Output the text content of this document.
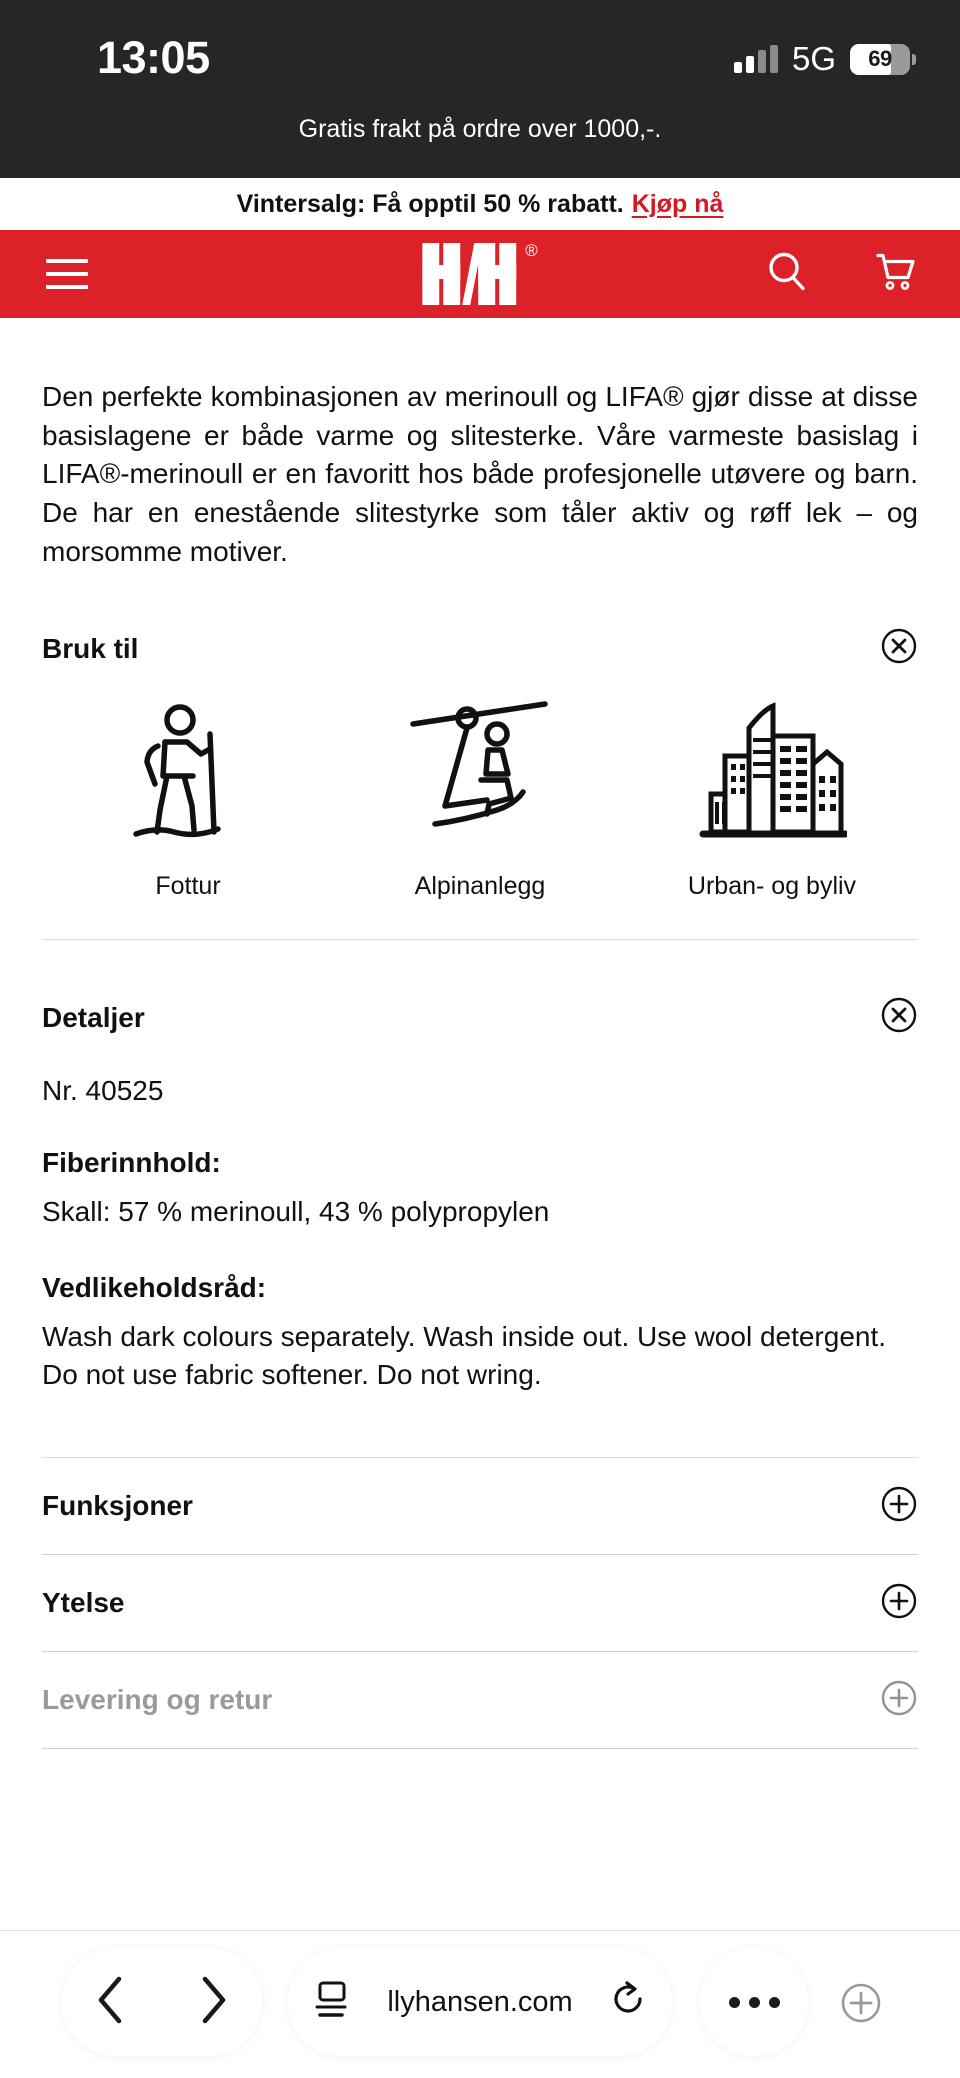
13:05	5G	69
Gratis frakt på ordre over 1000,-.
Vintersalg: Få opptil 50 % rabatt. Kjøp nå
®

Den perfekte kombinasjonen av merinoull og LIFA® gjør disse at disse basislagene er både varme og slitesterke. Våre varmeste basislag i LIFA®-merinoull er en favoritt hos både profesjonelle utøvere og barn. De har en enestående slitestyrke som tåler aktiv og røff lek – og morsomme motiver.

Bruk til
Fottur	Alpinanlegg	Urban- og byliv
Detaljer
Nr. 40525
Fiberinnhold:
Skall: 57 % merinoull, 43 % polypropylen
Vedlikeholdsråd:
Wash dark colours separately. Wash inside out. Use wool detergent. Do not use fabric softener. Do not wring.
Funksjoner
Ytelse
Levering og retur
llyhansen.com
